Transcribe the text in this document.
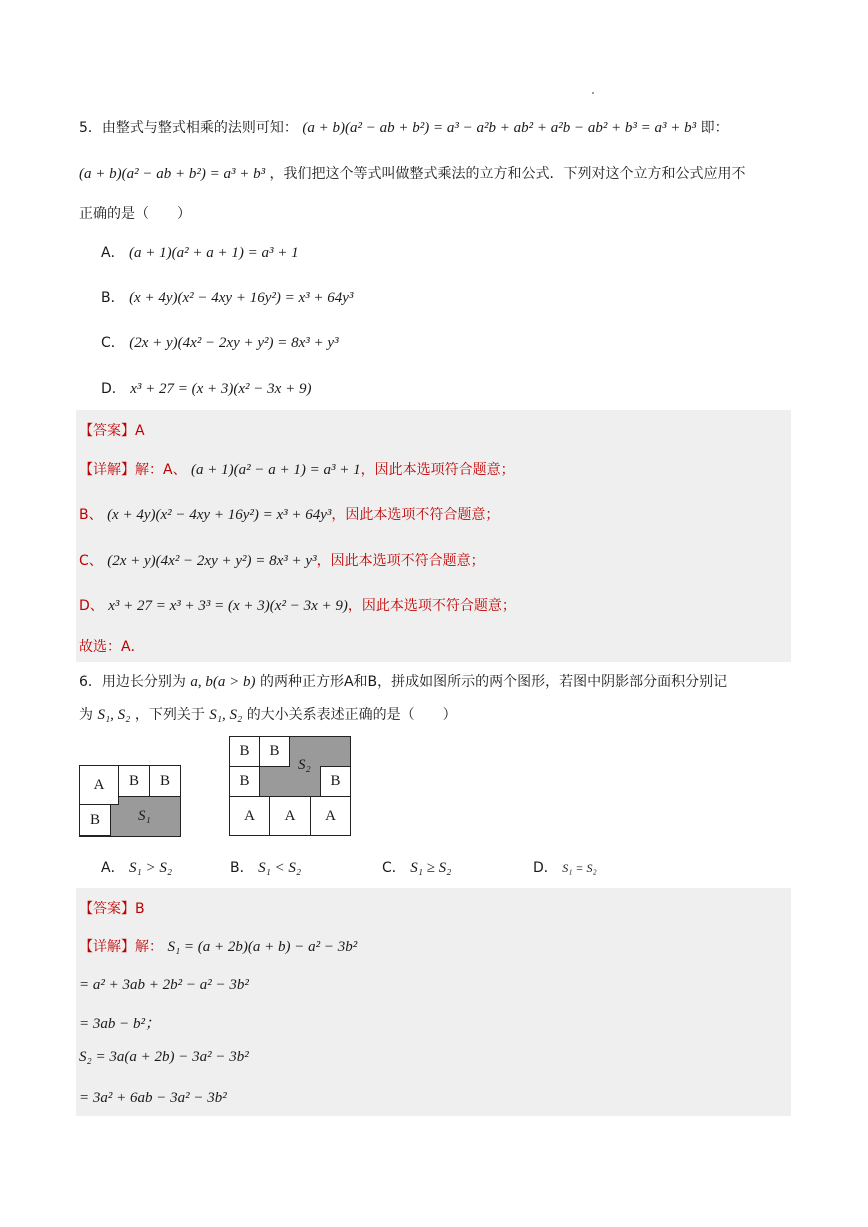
5．由整式与整式相乘的法则可知： (a + b)(a² − ab + b²) = a³ − a²b + ab² + a²b − ab² + b³ = a³ + b³ 即：
(a + b)(a² − ab + b²) = a³ + b³ ，我们把这个等式叫做整式乘法的立方和公式．下列对这个立方和公式应用不
正确的是（　　）
A． (a + 1)(a² + a + 1) = a³ + 1
B． (x + 4y)(x² − 4xy + 16y²) = x³ + 64y³
C． (2x + y)(4x² − 2xy + y²) = 8x³ + y³
D． x³ + 27 = (x + 3)(x² − 3x + 9)
【答案】A
【详解】解：A、 (a + 1)(a² − a + 1) = a³ + 1，因此本选项符合题意；
B、 (x + 4y)(x² − 4xy + 16y²) = x³ + 64y³，因此本选项不符合题意；
C、 (2x + y)(4x² − 2xy + y²) = 8x³ + y³，因此本选项不符合题意；
D、 x³ + 27 = x³ + 3³ = (x + 3)(x² − 3x + 9)，因此本选项不符合题意；
故选：A．
6．用边长分别为 a, b(a > b) 的两种正方形A和B，拼成如图所示的两个图形，若图中阴影部分面积分别记
为 S₁, S₂ ，下列关于 S₁, S₂ 的大小关系表述正确的是（　　）
A	B	B
B	S₁
B	B
B	B
A	A	A
S₂
A． S₁ > S₂	B． S₁ < S₂	C． S₁ ≥ S₂	D． S₁ = S₂
【答案】B
【详解】解： S₁ = (a + 2b)(a + b) − a² − 3b²
= a² + 3ab + 2b² − a² − 3b²
= 3ab − b²；
S₂ = 3a(a + 2b) − 3a² − 3b²
= 3a² + 6ab − 3a² − 3b²
